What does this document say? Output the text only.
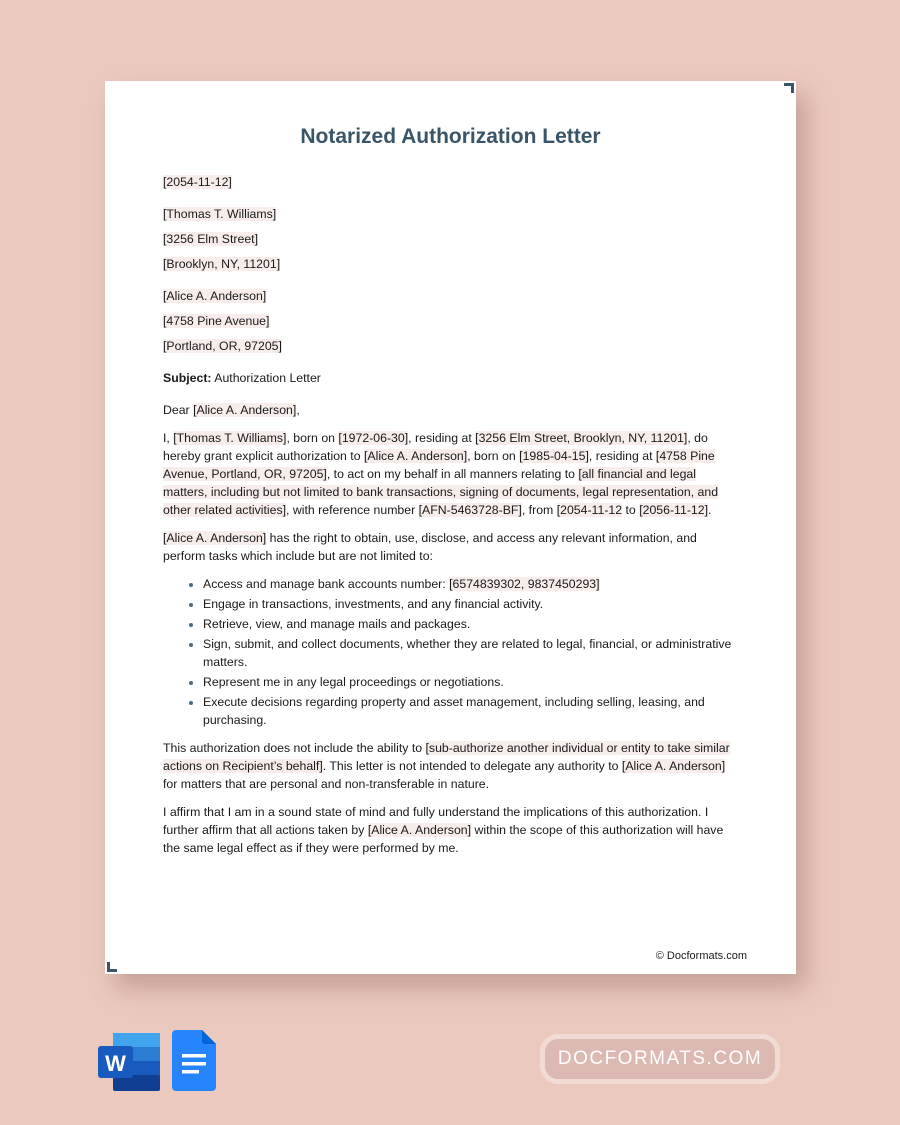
Notarized Authorization Letter
[2054-11-12]
[Thomas T. Williams]
[3256 Elm Street]
[Brooklyn, NY, 11201]
[Alice A. Anderson]
[4758 Pine Avenue]
[Portland, OR, 97205]
Subject: Authorization Letter

Dear [Alice A. Anderson],

I, [Thomas T. Williams], born on [1972-06-30], residing at [3256 Elm Street, Brooklyn, NY, 11201], do hereby grant explicit authorization to [Alice A. Anderson], born on [1985-04-15], residing at [4758 Pine Avenue, Portland, OR, 97205], to act on my behalf in all manners relating to [all financial and legal matters, including but not limited to bank transactions, signing of documents, legal representation, and other related activities], with reference number [AFN-5463728-BF], from [2054-11-12 to [2056-11-12].

[Alice A. Anderson] has the right to obtain, use, disclose, and access any relevant information, and perform tasks which include but are not limited to:

• Access and manage bank accounts number: [6574839302, 9837450293]
• Engage in transactions, investments, and any financial activity.
• Retrieve, view, and manage mails and packages.
• Sign, submit, and collect documents, whether they are related to legal, financial, or administrative matters.
• Represent me in any legal proceedings or negotiations.
• Execute decisions regarding property and asset management, including selling, leasing, and purchasing.

This authorization does not include the ability to [sub-authorize another individual or entity to take similar actions on Recipient’s behalf]. This letter is not intended to delegate any authority to [Alice A. Anderson] for matters that are personal and non-transferable in nature.

I affirm that I am in a sound state of mind and fully understand the implications of this authorization. I further affirm that all actions taken by [Alice A. Anderson] within the scope of this authorization will have the same legal effect as if they were performed by me.

© Docformats.com
W	DOCFORMATS.COM
